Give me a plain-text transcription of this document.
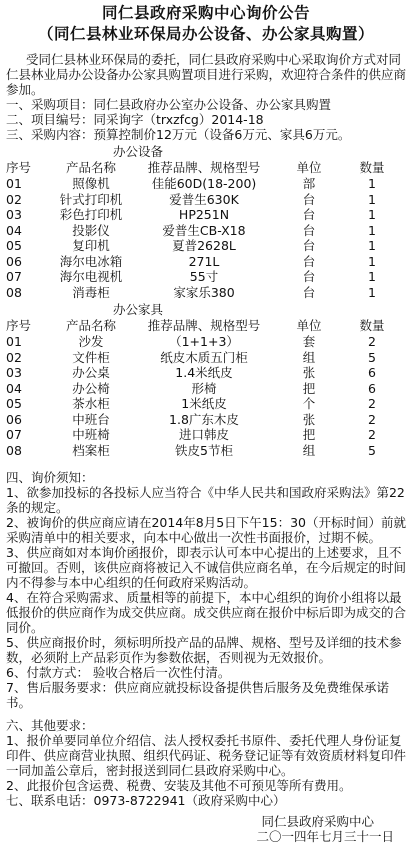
同仁县政府采购中心询价公告
（同仁县林业环保局办公设备、办公家具购置）
受同仁县林业环保局的委托，同仁县政府采购中心采取询价方式对同仁县林业局办公设备办公家具购置项目进行采购，欢迎符合条件的供应商参加。
一、采购项目：同仁县政府办公室办公设备、办公家具购置
二、项目编号：同采询字（trxzfcg）2014-18
三、采购内容：预算控制价12万元（设备6万元、家具6万元。
办公设备
序号	产品名称	推荐品牌、规格型号	单位	数量
01	照像机	佳能60D(18-200)	部	1
02	针式打印机	爱普生630K	台	1
03	彩色打印机	HP251N	台	1
04	投影仪	爱普生CB-X18	台	1
05	复印机	夏普2628L	台	1
06	海尔电冰箱	271L	台	1
07	海尔电视机	55寸	台	1
08	消毒柜	家家乐380	台	1
办公家具
序号	产品名称	推荐品牌、规格型号	单位	数量
01	沙发	（1+1+3）	套	2
02	文件柜	纸皮木质五门柜	组	5
03	办公桌	1.4米纸皮	张	6
04	办公椅	形椅	把	6
05	茶水柜	1米纸皮	个	2
06	中班台	1.8广东木皮	张	2
07	中班椅	进口韩皮	把	2
08	档案柜	铁皮5节柜	组	5
四、询价须知：
1、欲参加投标的各投标人应当符合《中华人民共和国政府采购法》第22条的规定。
2、被询价的供应商应请在2014年8月5日下午15：30（开标时间）前就采购清单中的相关要求，向本中心做出一次性书面报价，过期不候。
3、供应商如对本询价函报价，即表示认可本中心提出的上述要求，且不可撤回。否则，该供应商将被记入不诚信供应商名单，在今后规定的时间内不得参与本中心组织的任何政府采购活动。
4、在符合采购需求、质量相等的前提下，本中心组织的询价小组将以最低报价的供应商作为成交供应商。成交供应商在报价中标后即为成交的合同价。
5、供应商报价时，须标明所投产品的品牌、规格、型号及详细的技术参数，必须附上产品彩页作为参数依据，否则视为无效报价。
6、付款方式： 验收合格后一次性付清。
7、售后服务要求：供应商应就投标设备提供售后服务及免费维保承诺书。
六、其他要求：
1、报价单要同单位介绍信、法人授权委托书原件、委托代理人身份证复印件、供应商营业执照、组织代码证、税务登记证等有效资质材料复印件一同加盖公章后，密封报送到同仁县政府采购中心。
2、此报价包含运费、税费、安装及其他不可预见等所有费用。
七、联系电话：0973-8722941（政府采购中心）
同仁县政府采购中心
二〇一四年七月三十一日
